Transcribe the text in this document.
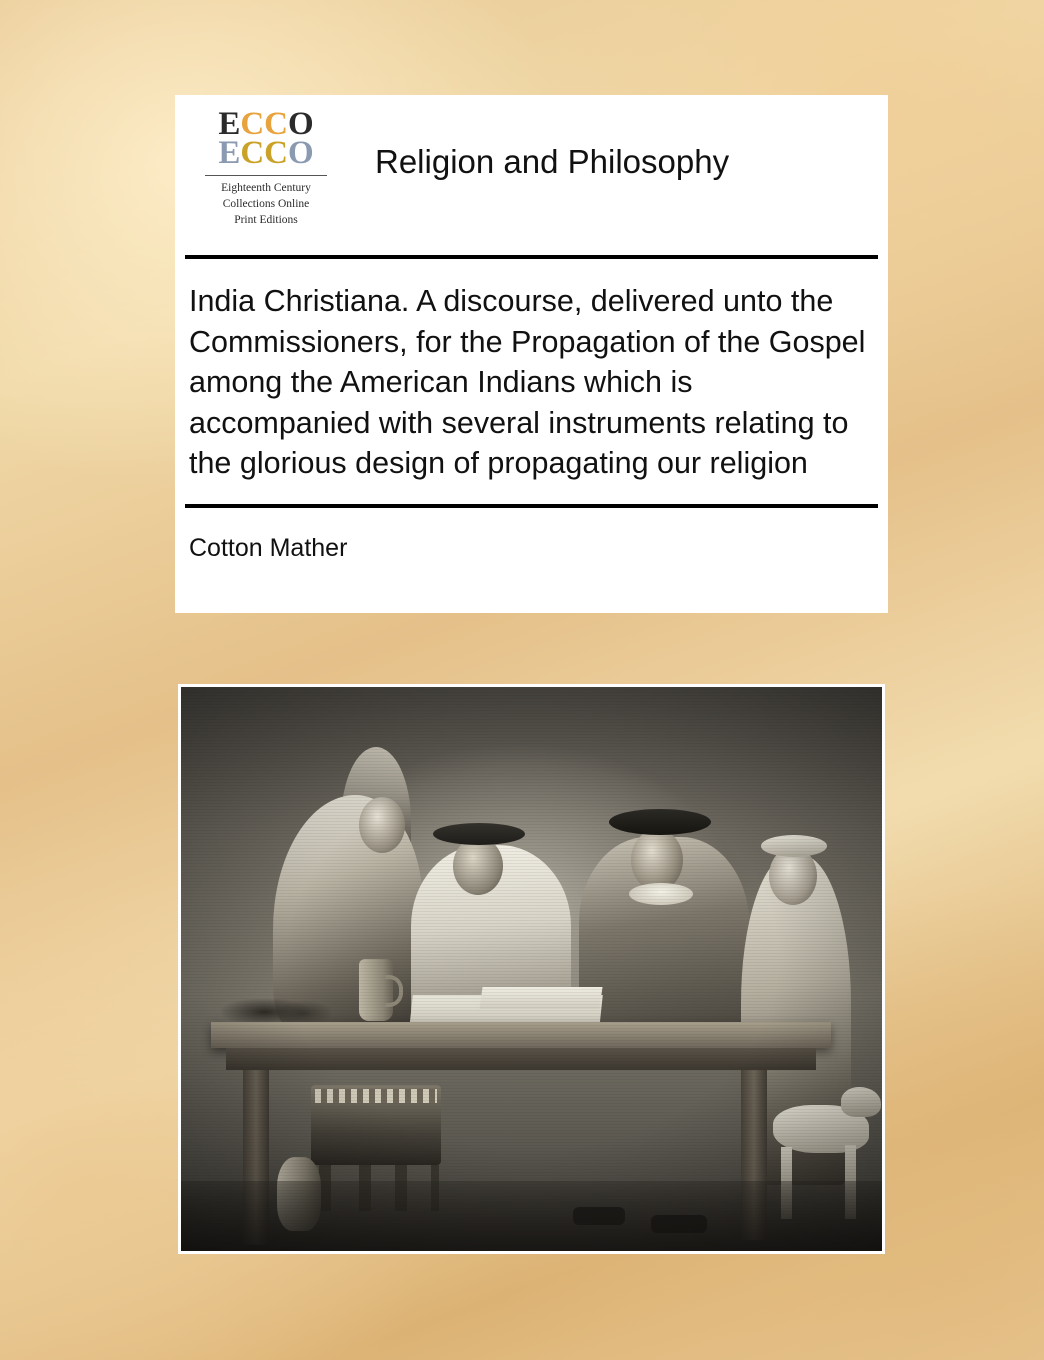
ECCO
ECCO
Eighteenth Century
Collections Online
Print Editions
Religion and Philosophy
India Christiana. A discourse, delivered unto the Commissioners, for the Propagation of the Gospel among the American Indians which is accompanied with several instruments relating to the glorious design of propagating our religion
Cotton Mather
